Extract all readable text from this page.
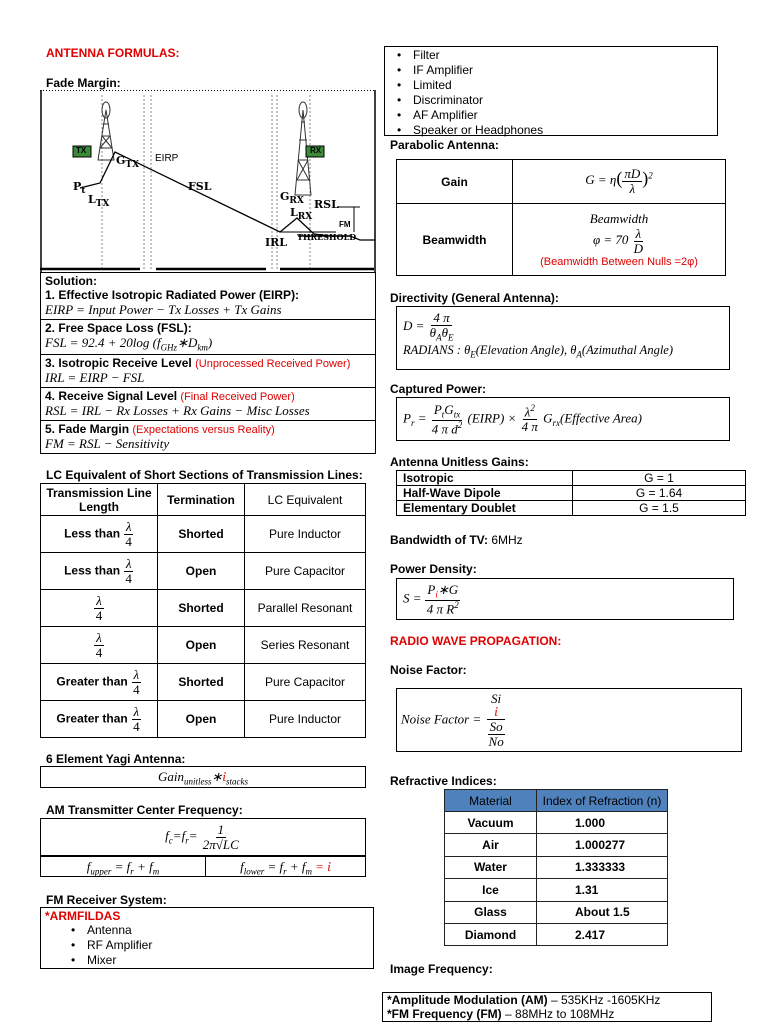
ANTENNA FORMULAS:
Fade Margin:
TX	RX
$G_{TX}$
EIRP
$P_t$
$L_{TX}$
FSL
$G_{RX}$
$L_{RX}$
RSL
FM
IRL THRESHOLD
Solution:
1. Effective Isotropic Radiated Power (EIRP):
EIRP = Input Power − Tx Losses + Tx Gains
2. Free Space Loss (FSL):
FSL = 92.4 + 20log $(f_{GHz}∗D_{km})$
3. Isotropic Receive Level (Unprocessed Received Power)
IRL = EIRP − FSL
4. Receive Signal Level (Final Received Power)
RSL = IRL − Rx Losses + Rx Gains − Misc Losses
5. Fade Margin (Expectations versus Reality)
FM = RSL − Sensitivity
LC Equivalent of Short Sections of Transmission Lines:
Transmission Line Length	Termination	LC Equivalent
Less than $\frac{\lambda}{4}$	Shorted	Pure Inductor
Less than $\frac{\lambda}{4}$	Open	Pure Capacitor

$\frac{\lambda}{4}$	Shorted	Parallel Resonant

$\frac{\lambda}{4}$	Open	Series Resonant
Greater than $\frac{\lambda}{4}$	Shorted	Pure Capacitor
Greater than $\frac{\lambda}{4}$	Open	Pure Inductor
6 Element Yagi Antenna:
Gain$_{unitless}$∗ἰ$_{stacks}$
AM Transmitter Center Frequency:
$f_c=f_r= \frac{1}{2\pi√LC}$
$f_{upper} = f_r + f_m$	$f_{lower} = f_r + f_m$ = ἰ
FM Receiver System:
*ARMFILDAS
• Antenna
• RF Amplifier
• Mixer
• Filter
• IF Amplifier
• Limited
• Discriminator
• AF Amplifier
• Speaker or Headphones
Parabolic Antenna:
Gain	$G = \eta( \frac{\pi D}{\lambda} )^2$
Beamwidth	Beamwidth
$\varphi = 70 \frac{\lambda}{D}$
(Beamwidth Between Nulls =2φ)
Directivity (General Antenna):
$D = \frac{4 \pi}{\theta_A\theta_E}$
RADIANS : $\theta_E(Elevation$ Angle), $\theta_A(Azimuthal$ Angle)
Captured Power:
$P_r = \frac{P_tG_{tx}}{4 \pi d^2}$ (EIRP) × $\frac{\lambda^2}{4 \pi}$ $G_{rx}(Effective$ Area)
Antenna Unitless Gains:
Isotropic	G = 1
Half-Wave Dipole	G = 1.64
Elementary Doublet	G = 1.5
Bandwidth of TV: 6MHz
Power Density:
$S = \frac{P_ἰ∗G}{4 \pi R^2}$
RADIO WAVE PROPAGATION:
Noise Factor:
Noise Factor = Si
ἰ
$\frac{So}{No}$
Refractive Indices:
Material	Index of Refraction (n)
Vacuum	1.000
Air	1.000277
Water	1.333333
Ice	1.31
Glass	About 1.5
Diamond	2.417
Image Frequency:
*Amplitude Modulation (AM) – 535KHz -1605KHz
*FM Frequency (FM) – 88MHz to 108MHz
